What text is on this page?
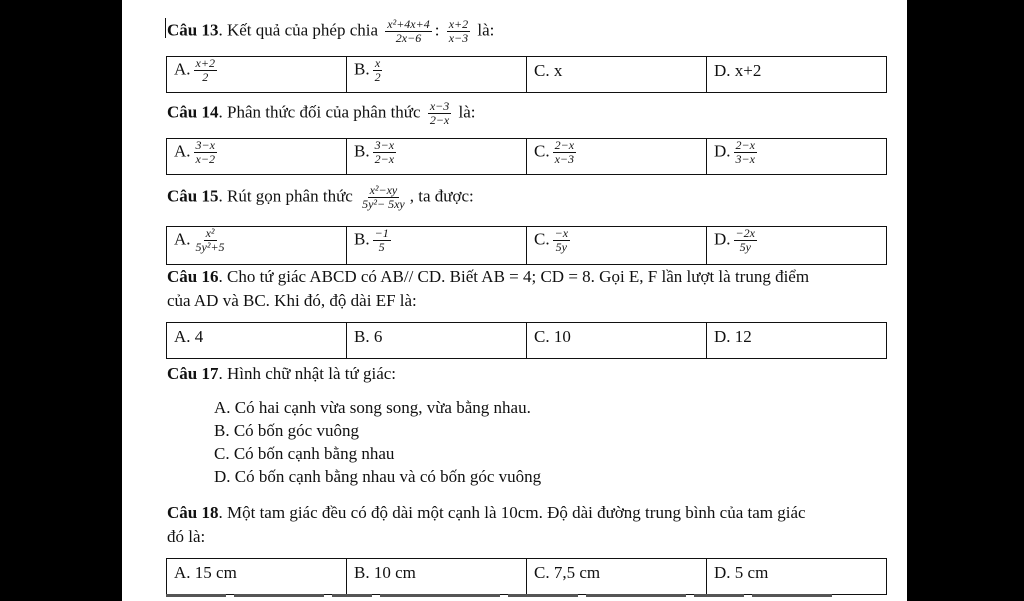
Câu 13. Kết quả của phép chia $\frac{\text{x²+4x+4}}{2x-6}$ : $\frac{x+2}{x-3}$ là:
A. $\frac{x+2}{2}$	B. $\frac{x}{2}$	C. x	D. x+2
Câu 14. Phân thức đối của phân thức $\frac{x-3}{2-x}$ là:
A. $\frac{3-x}{x-2}$	B. $\frac{3-x}{2-x}$	C. $\frac{2-x}{x-3}$	D. $\frac{2-x}{3-x}$
Câu 15. Rút gọn phân thức $\frac{\text{x²−xy}}{\text{5y²− 5xy}}$ , ta được:
A. $\frac{\text{x²}}{\text{5y²+5}}$	B. $\frac{-1}{5}$	C. $\frac{-x}{5y}$	D. $\frac{-2x}{5y}$
Câu 16. Cho tứ giác ABCD có AB// CD. Biết AB = 4; CD = 8. Gọi E, F lần lượt là trung điểm
của AD và BC. Khi đó, độ dài EF là:
A. 4	B. 6	C. 10	D. 12
Câu 17. Hình chữ nhật là tứ giác:
A. Có hai cạnh vừa song song, vừa bằng nhau.
B. Có bốn góc vuông
C. Có bốn cạnh bằng nhau
D. Có bốn cạnh bằng nhau và có bốn góc vuông
Câu 18. Một tam giác đều có độ dài một cạnh là 10cm. Độ dài đường trung bình của tam giác
đó là:
A. 15 cm	B. 10 cm	C. 7,5 cm	D. 5 cm
